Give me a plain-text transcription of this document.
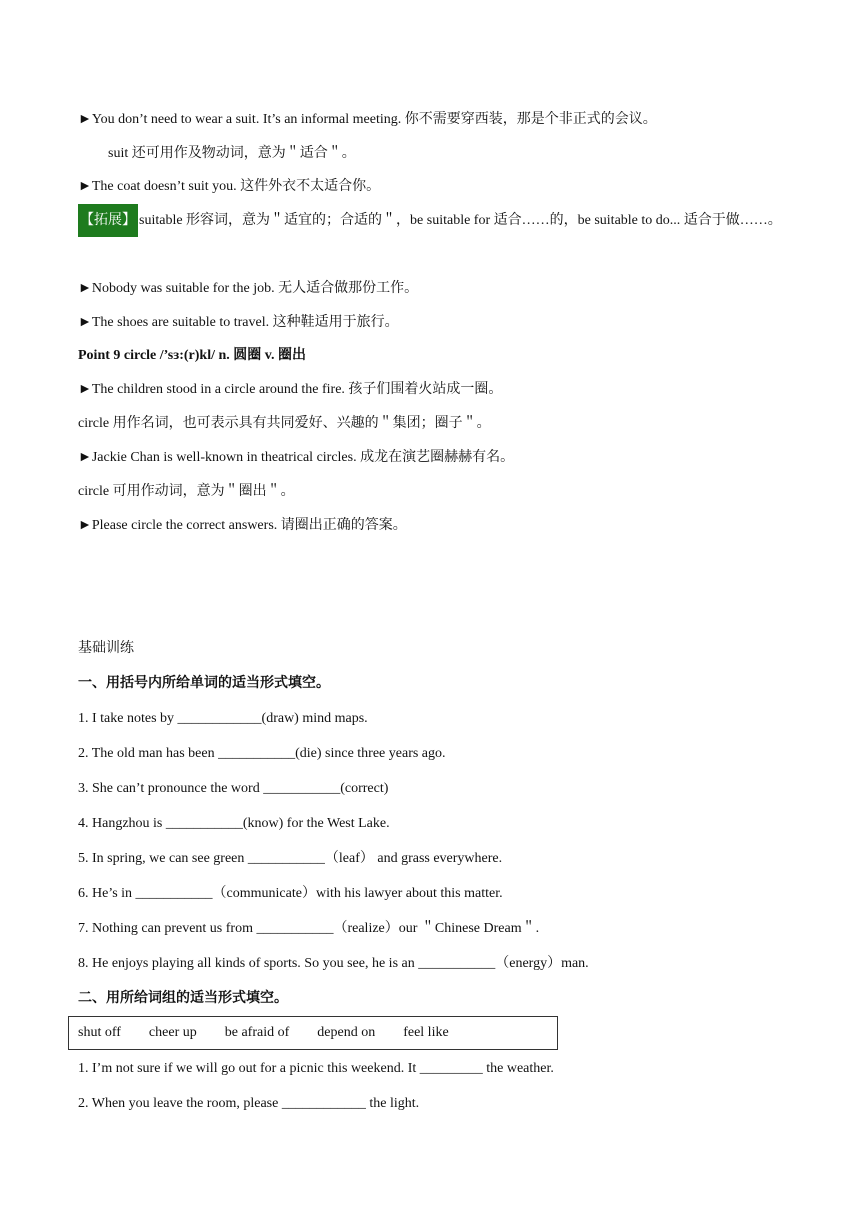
►You don’t need to wear a suit. It’s an informal meeting. 你不需要穿西装，那是个非正式的会议。
suit 还可用作及物动词，意为＂适合＂。
►The coat doesn’t suit you. 这件外衣不太适合你。
【拓展】 suitable 形容词，意为＂适宜的；合适的＂，be suitable for 适合……的，be suitable to do... 适合于做……。
►Nobody was suitable for the job. 无人适合做那份工作。
►The shoes are suitable to travel. 这种鞋适用于旅行。
Point 9 circle /’sɜ:(r)kl/ n. 圆圈 v. 圈出
►The children stood in a circle around the fire. 孩子们围着火站成一圈。
circle 用作名词，也可表示具有共同爱好、兴趣的＂集团；圈子＂。
►Jackie Chan is well-known in theatrical circles. 成龙在演艺圈赫赫有名。
circle 可用作动词，意为＂圈出＂。
►Please circle the correct answers. 请圈出正确的答案。
基础训练
一、用括号内所给单词的适当形式填空。
1. I take notes by ____________(draw) mind maps.
2. The old man has been ___________(die) since three years ago.
3. She can’t pronounce the word ___________(correct)
4. Hangzhou is ___________(know) for the West Lake.
5. In spring, we can see green ___________（leaf） and grass everywhere.
6. He’s in ___________（communicate）with his lawyer about this matter.
7. Nothing can prevent us from ___________（realize）our ＂Chinese Dream＂.
8. He enjoys playing all kinds of sports. So you see, he is an ___________（energy）man.
二、用所给词组的适当形式填空。
shut off cheer up be afraid of depend on feel like
1. I’m not sure if we will go out for a picnic this weekend. It _________ the weather.
2. When you leave the room, please ____________ the light.
